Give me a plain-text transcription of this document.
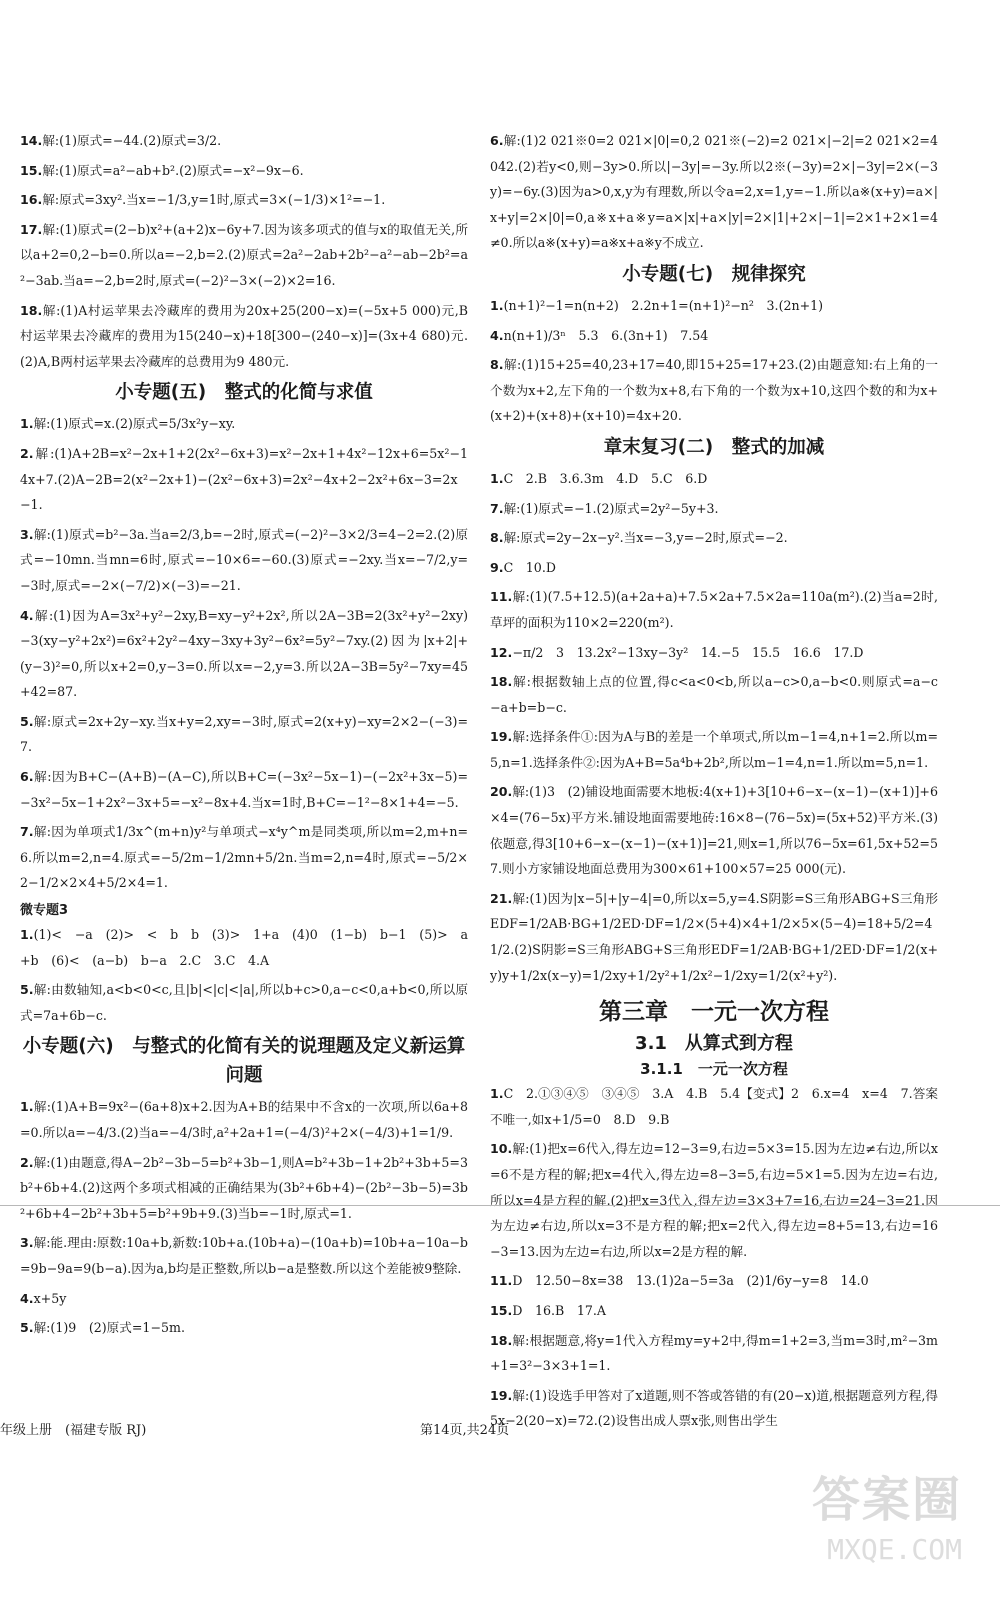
14.解:(1)原式=−44.(2)原式=3/2.
15.解:(1)原式=a²−ab+b².(2)原式=−x²−9x−6.
16.解:原式=3xy².当x=−1/3,y=1时,原式=3×(−1/3)×1²=−1.
17.解:(1)原式=(2−b)x²+(a+2)x−6y+7.因为该多项式的值与x的取值无关,所以a+2=0,2−b=0.所以a=−2,b=2.(2)原式=2a²−2ab+2b²−a²−ab−2b²=a²−3ab.当a=−2,b=2时,原式=(−2)²−3×(−2)×2=16.
18.解:(1)A村运苹果去冷藏库的费用为20x+25(200−x)=(−5x+5 000)元,B村运苹果去冷藏库的费用为15(240−x)+18[300−(240−x)]=(3x+4 680)元.(2)A,B两村运苹果去冷藏库的总费用为9 480元.
小专题(五)　整式的化简与求值
1.解:(1)原式=x.(2)原式=5/3x²y−xy.
2.解:(1)A+2B=x²−2x+1+2(2x²−6x+3)=x²−2x+1+4x²−12x+6=5x²−14x+7.(2)A−2B=2(x²−2x+1)−(2x²−6x+3)=2x²−4x+2−2x²+6x−3=2x−1.
3.解:(1)原式=b²−3a.当a=2/3,b=−2时,原式=(−2)²−3×2/3=4−2=2.(2)原式=−10mn.当mn=6时,原式=−10×6=−60.(3)原式=−2xy.当x=−7/2,y=−3时,原式=−2×(−7/2)×(−3)=−21.
4.解:(1)因为A=3x²+y²−2xy,B=xy−y²+2x²,所以2A−3B=2(3x²+y²−2xy)−3(xy−y²+2x²)=6x²+2y²−4xy−3xy+3y²−6x²=5y²−7xy.(2)因为|x+2|+(y−3)²=0,所以x+2=0,y−3=0.所以x=−2,y=3.所以2A−3B=5y²−7xy=45+42=87.
5.解:原式=2x+2y−xy.当x+y=2,xy=−3时,原式=2(x+y)−xy=2×2−(−3)=7.
6.解:因为B+C−(A+B)−(A−C),所以B+C=(−3x²−5x−1)−(−2x²+3x−5)=−3x²−5x−1+2x²−3x+5=−x²−8x+4.当x=1时,B+C=−1²−8×1+4=−5.
7.解:因为单项式1/3x^(m+n)y²与单项式−x⁴y^m是同类项,所以m=2,m+n=6.所以m=2,n=4.原式=−5/2m−1/2mn+5/2n.当m=2,n=4时,原式=−5/2×2−1/2×2×4+5/2×4=1.
微专题3
1.(1)<　−a　(2)>　<　b　b　(3)>　1+a　(4)0　(1−b)　b−1　(5)>　a+b　(6)<　(a−b)　b−a　2.C　3.C　4.A
5.解:由数轴知,a<b<0<c,且|b|<|c|<|a|,所以b+c>0,a−c<0,a+b<0,所以原式=7a+6b−c.
小专题(六)　与整式的化简有关的说理题及定义新运算问题
1.解:(1)A+B=9x²−(6a+8)x+2.因为A+B的结果中不含x的一次项,所以6a+8=0.所以a=−4/3.(2)当a=−4/3时,a²+2a+1=(−4/3)²+2×(−4/3)+1=1/9.
2.解:(1)由题意,得A−2b²−3b−5=b²+3b−1,则A=b²+3b−1+2b²+3b+5=3b²+6b+4.(2)这两个多项式相减的正确结果为(3b²+6b+4)−(2b²−3b−5)=3b²+6b+4−2b²+3b+5=b²+9b+9.(3)当b=−1时,原式=1.
3.解:能.理由:原数:10a+b,新数:10b+a.(10b+a)−(10a+b)=10b+a−10a−b=9b−9a=9(b−a).因为a,b均是正整数,所以b−a是整数.所以这个差能被9整除.
4.x+5y
5.解:(1)9　(2)原式=1−5m.
6.解:(1)2 021※0=2 021×|0|=0,2 021※(−2)=2 021×|−2|=2 021×2=4 042.(2)若y<0,则−3y>0.所以|−3y|=−3y.所以2※(−3y)=2×|−3y|=2×(−3y)=−6y.(3)因为a>0,x,y为有理数,所以令a=2,x=1,y=−1.所以a※(x+y)=a×|x+y|=2×|0|=0,a※x+a※y=a×|x|+a×|y|=2×|1|+2×|−1|=2×1+2×1=4≠0.所以a※(x+y)=a※x+a※y不成立.
小专题(七)　规律探究
1.(n+1)²−1=n(n+2)　2.2n+1=(n+1)²−n²　3.(2n+1)
4.n(n+1)/3ⁿ　5.3　6.(3n+1)　7.54
8.解:(1)15+25=40,23+17=40,即15+25=17+23.(2)由题意知:右上角的一个数为x+2,左下角的一个数为x+8,右下角的一个数为x+10,这四个数的和为x+(x+2)+(x+8)+(x+10)=4x+20.
章末复习(二)　整式的加减
1.C　2.B　3.6.3m　4.D　5.C　6.D
7.解:(1)原式=−1.(2)原式=2y²−5y+3.
8.解:原式=2y−2x−y².当x=−3,y=−2时,原式=−2.
9.C　10.D
11.解:(1)(7.5+12.5)(a+2a+a)+7.5×2a+7.5×2a=110a(m²).(2)当a=2时,草坪的面积为110×2=220(m²).
12.−π/2　3　13.2x²−13xy−3y²　14.−5　15.5　16.6　17.D
18.解:根据数轴上点的位置,得c<a<0<b,所以a−c>0,a−b<0.则原式=a−c−a+b=b−c.
19.解:选择条件①:因为A与B的差是一个单项式,所以m−1=4,n+1=2.所以m=5,n=1.选择条件②:因为A+B=5a⁴b+2b²,所以m−1=4,n=1.所以m=5,n=1.
20.解:(1)3　(2)铺设地面需要木地板:4(x+1)+3[10+6−x−(x−1)−(x+1)]+6×4=(76−5x)平方米.铺设地面需要地砖:16×8−(76−5x)=(5x+52)平方米.(3)依题意,得3[10+6−x−(x−1)−(x+1)]=21,则x=1,所以76−5x=61,5x+52=57.则小方家铺设地面总费用为300×61+100×57=25 000(元).
21.解:(1)因为|x−5|+|y−4|=0,所以x=5,y=4.S阴影=S三角形ABG+S三角形EDF=1/2AB·BG+1/2ED·DF=1/2×(5+4)×4+1/2×5×(5−4)=18+5/2=41/2.(2)S阴影=S三角形ABG+S三角形EDF=1/2AB·BG+1/2ED·DF=1/2(x+y)y+1/2x(x−y)=1/2xy+1/2y²+1/2x²−1/2xy=1/2(x²+y²).
第三章　一元一次方程
3.1　从算式到方程
3.1.1　一元一次方程
1.C　2.①③④⑤　③④⑤　3.A　4.B　5.4【变式】2　6.x=4　x=4　7.答案不唯一,如x+1/5=0　8.D　9.B
10.解:(1)把x=6代入,得左边=12−3=9,右边=5×3=15.因为左边≠右边,所以x=6不是方程的解;把x=4代入,得左边=8−3=5,右边=5×1=5.因为左边=右边,所以x=4是方程的解.(2)把x=3代入,得左边=3×3+7=16,右边=24−3=21.因为左边≠右边,所以x=3不是方程的解;把x=2代入,得左边=8+5=13,右边=16−3=13.因为左边=右边,所以x=2是方程的解.
11.D　12.50−8x=38　13.(1)2a−5=3a　(2)1/6y−y=8　14.0
15.D　16.B　17.A
18.解:根据题意,将y=1代入方程my=y+2中,得m=1+2=3,当m=3时,m²−3m+1=3²−3×3+1=1.
19.解:(1)设选手甲答对了x道题,则不答或答错的有(20−x)道,根据题意列方程,得5x−2(20−x)=72.(2)设售出成人票x张,则售出学生
年级上册　(福建专版 RJ)	第14页,共24页
答案圈
MXQE.COM
